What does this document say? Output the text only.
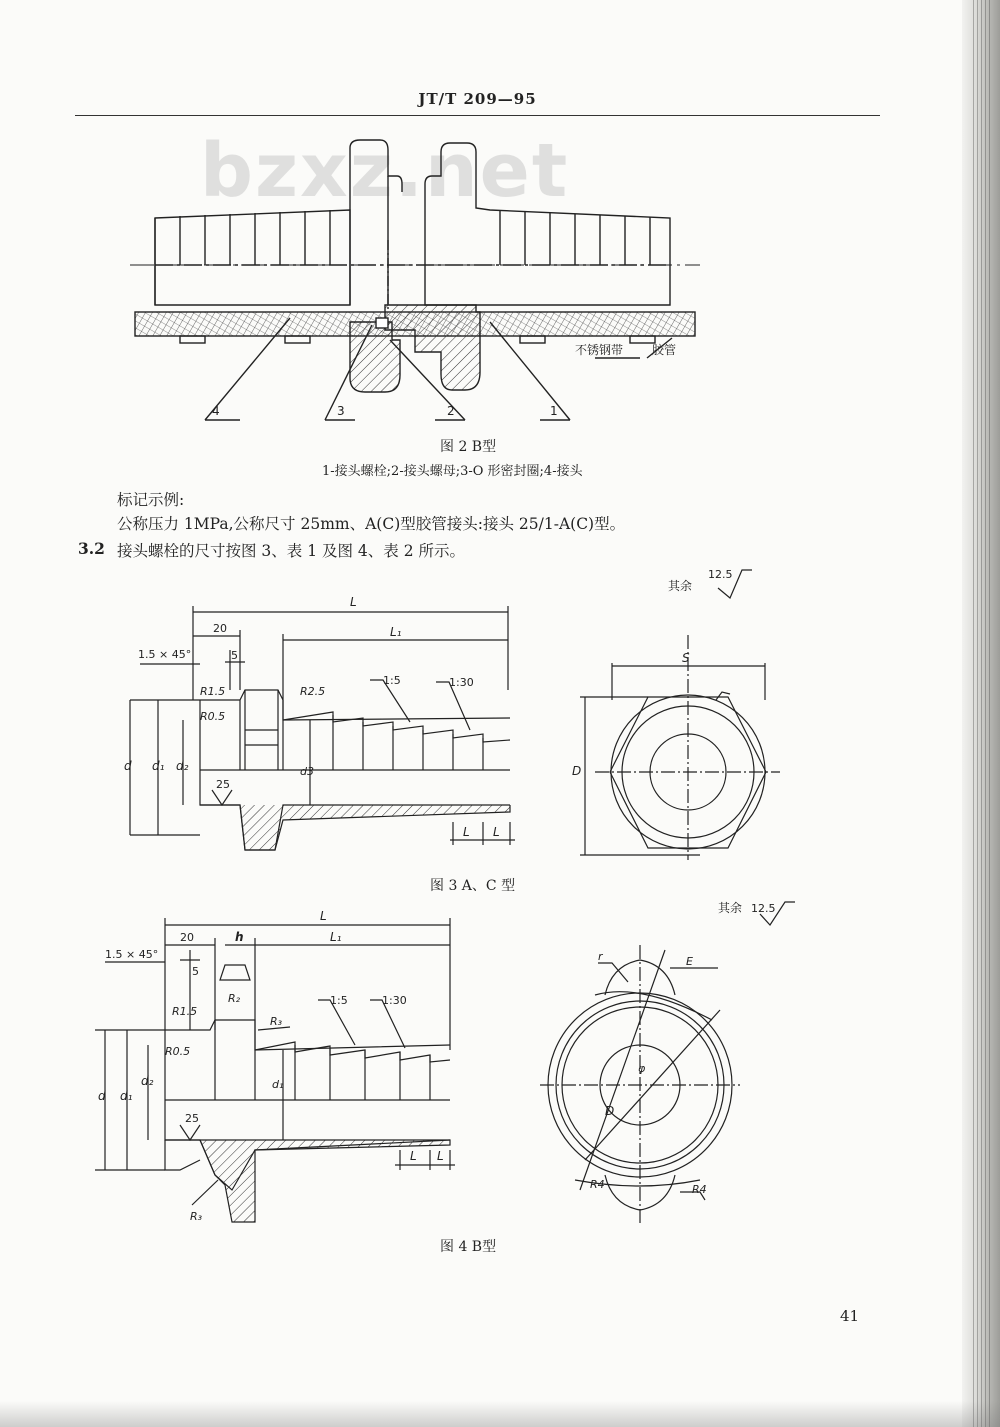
JT/T 209—95
bzxz.net
4	3	2	1
不锈钢带 胶管
图 2 B型
1-接头螺栓;2-接头螺母;3-O 形密封圈;4-接头
标记示例:
公称压力 1MPa,公称尺寸 25mm、A(C)型胶管接头:接头 25/1-A(C)型。
3.2 接头螺栓的尺寸按图 3、表 1 及图 4、表 2 所示。
其余
12.5
L
20	L₁
5
1.5 × 45°
R1.5
R0.5
R2.5
1:5	1:30
d d₁ d₂	d3
25
L L
S
D
图 3 A、C 型
其余 12.5
L
20	h	L₁
5
1.5 × 45°
R1.5
R0.5
R₂
R₃
R₃
1:5	1:30
d d₁
d₂	d₁
25
L L
r	E
φ
D
R4	R4
图 4 B型
41
